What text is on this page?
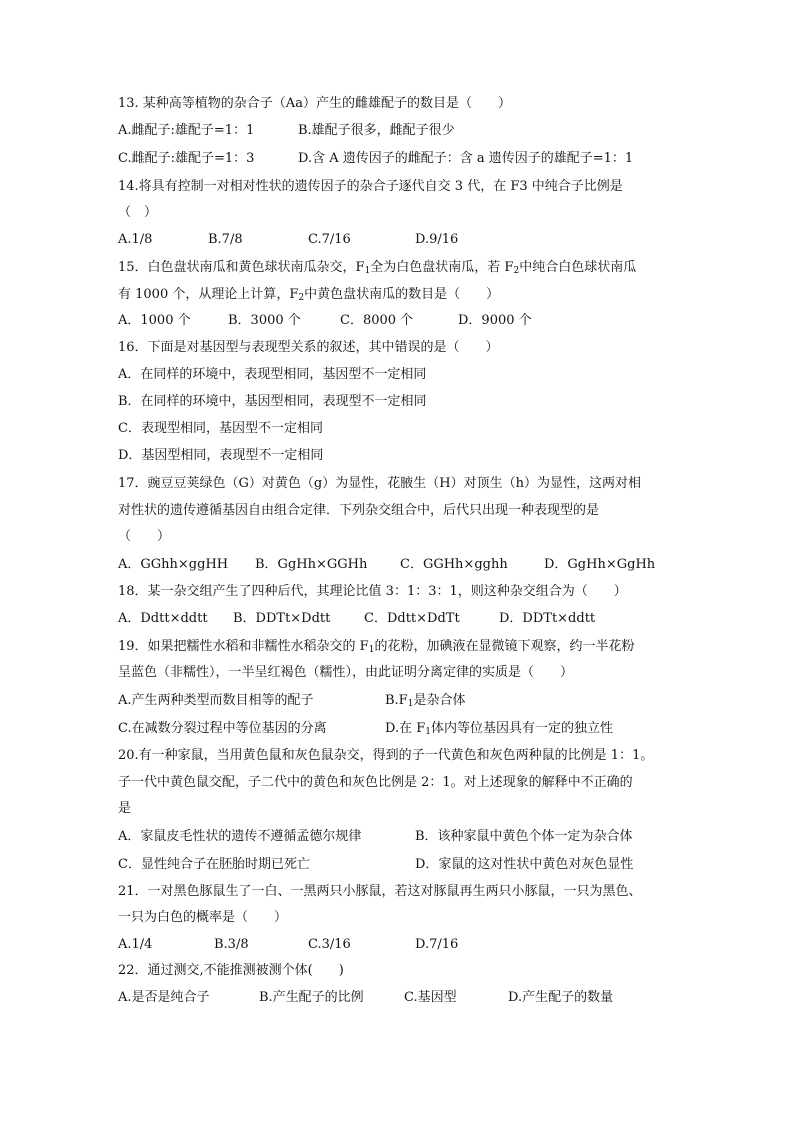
13. 某种高等植物的杂合子（Aa）产生的雌雄配子的数目是（　　）
A.雌配子:雄配子=1：1	B.雄配子很多，雌配子很少
C.雌配子:雄配子=1：3	D.含 A 遗传因子的雌配子：含 a 遗传因子的雄配子=1：1
14.将具有控制一对相对性状的遗传因子的杂合子逐代自交 3 代，在 F3 中纯合子比例是
（　）
A.1/8	B.7/8	C.7/16	D.9/16
15．白色盘状南瓜和黄色球状南瓜杂交，$F_1$全为白色盘状南瓜，若 $F_2$中纯合白色球状南瓜
有 1000 个，从理论上计算，$F_2$中黄色盘状南瓜的数目是（　　）
A．1000 个	B．3000 个	C．8000 个	D．9000 个
16．下面是对基因型与表现型关系的叙述，其中错误的是（　　）
A．在同样的环境中，表现型相同，基因型不一定相同
B．在同样的环境中，基因型相同，表现型不一定相同
C．表现型相同，基因型不一定相同
D．基因型相同，表现型不一定相同
17．豌豆豆荚绿色（G）对黄色（g）为显性，花腋生（H）对顶生（h）为显性，这两对相
对性状的遗传遵循基因自由组合定律．下列杂交组合中，后代只出现一种表现型的是
（　　）
A．GGhh×ggHH B．GgHh×GGHh	C．GGHh×gghh	D．GgHh×GgHh
18．某一杂交组产生了四种后代，其理论比值 3：1：3：1，则这种杂交组合为（　　）
A．Ddtt×ddtt B．DDTt×Ddtt	C．Ddtt×DdTt	D．DDTt×ddtt
19．如果把糯性水稻和非糯性水稻杂交的 $F_1$的花粉，加碘液在显微镜下观察，约一半花粉
呈蓝色（非糯性），一半呈红褐色（糯性），由此证明分离定律的实质是（　　）
A.产生两种类型而数目相等的配子	$B.F_1$是杂合体
C.在减数分裂过程中等位基因的分离	D.在 $F_1$体内等位基因具有一定的独立性
20.有一种家鼠，当用黄色鼠和灰色鼠杂交，得到的子一代黄色和灰色两种鼠的比例是 1：1。
子一代中黄色鼠交配，子二代中的黄色和灰色比例是 2：1。对上述现象的解释中不正确的
是
A．家鼠皮毛性状的遗传不遵循孟德尔规律	B．该种家鼠中黄色个体一定为杂合体
C．显性纯合子在胚胎时期已死亡	D．家鼠的这对性状中黄色对灰色显性
21．一对黑色豚鼠生了一白、一黑两只小豚鼠，若这对豚鼠再生两只小豚鼠，一只为黑色、
一只为白色的概率是（　　）
A.1/4	B.3/8	C.3/16	D.7/16
22．通过测交,不能推测被测个体(　　)
A.是否是纯合子	B.产生配子的比例	C.基因型	D.产生配子的数量
